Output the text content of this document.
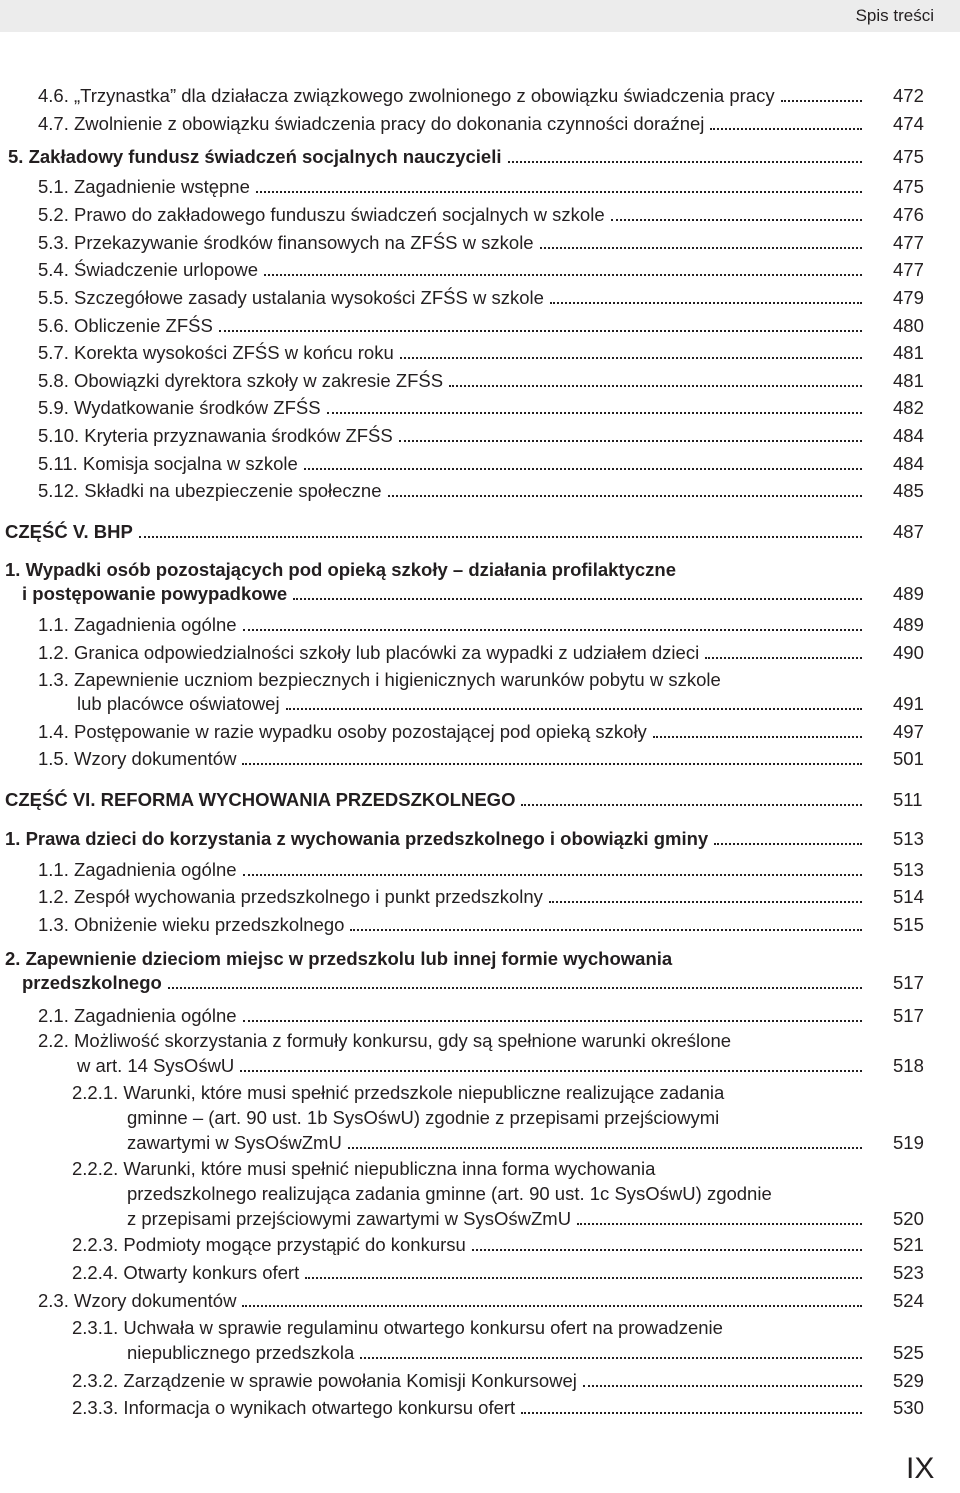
Spis treści
4.6. „Trzynastka” dla działacza związkowego zwolnionego z obowiązku świadczenia pracy	472
4.7. Zwolnienie z obowiązku świadczenia pracy do dokonania czynności doraźnej	474
5. Zakładowy fundusz świadczeń socjalnych nauczycieli	475
5.1. Zagadnienie wstępne	475
5.2. Prawo do zakładowego funduszu świadczeń socjalnych w szkole	476
5.3. Przekazywanie środków finansowych na ZFŚS w szkole	477
5.4. Świadczenie urlopowe	477
5.5. Szczegółowe zasady ustalania wysokości ZFŚS w szkole	479
5.6. Obliczenie ZFŚS	480
5.7. Korekta wysokości ZFŚS w końcu roku	481
5.8. Obowiązki dyrektora szkoły w zakresie ZFŚS	481
5.9. Wydatkowanie środków ZFŚS	482
5.10. Kryteria przyznawania środków ZFŚS	484
5.11. Komisja socjalna w szkole	484
5.12. Składki na ubezpieczenie społeczne	485
CZĘŚĆ V. BHP	487
1. Wypadki osób pozostających pod opieką szkoły – działania profilaktyczne
i postępowanie powypadkowe	489
1.1. Zagadnienia ogólne	489
1.2. Granica odpowiedzialności szkoły lub placówki za wypadki z udziałem dzieci	490
1.3. Zapewnienie uczniom bezpiecznych i higienicznych warunków pobytu w szkole
lub placówce oświatowej	491
1.4. Postępowanie w razie wypadku osoby pozostającej pod opieką szkoły	497
1.5. Wzory dokumentów	501
CZĘŚĆ VI. REFORMA WYCHOWANIA PRZEDSZKOLNEGO	511
1. Prawa dzieci do korzystania z wychowania przedszkolnego i obowiązki gminy	513
1.1. Zagadnienia ogólne	513
1.2. Zespół wychowania przedszkolnego i punkt przedszkolny	514
1.3. Obniżenie wieku przedszkolnego	515
2. Zapewnienie dzieciom miejsc w przedszkolu lub innej formie wychowania
przedszkolnego	517
2.1. Zagadnienia ogólne	517
2.2. Możliwość skorzystania z formuły konkursu, gdy są spełnione warunki określone
w art. 14 SysOśwU	518
2.2.1. Warunki, które musi spełnić przedszkole niepubliczne realizujące zadania
gminne – (art. 90 ust. 1b SysOśwU) zgodnie z przepisami przejściowymi
zawartymi w SysOśwZmU	519
2.2.2. Warunki, które musi spełnić niepubliczna inna forma wychowania
przedszkolnego realizująca zadania gminne (art. 90 ust. 1c SysOśwU) zgodnie
z przepisami przejściowymi zawartymi w SysOśwZmU	520
2.2.3. Podmioty mogące przystąpić do konkursu	521
2.2.4. Otwarty konkurs ofert	523
2.3. Wzory dokumentów	524
2.3.1. Uchwała w sprawie regulaminu otwartego konkursu ofert na prowadzenie
niepublicznego przedszkola	525
2.3.2. Zarządzenie w sprawie powołania Komisji Konkursowej	529
2.3.3. Informacja o wynikach otwartego konkursu ofert	530
IX
